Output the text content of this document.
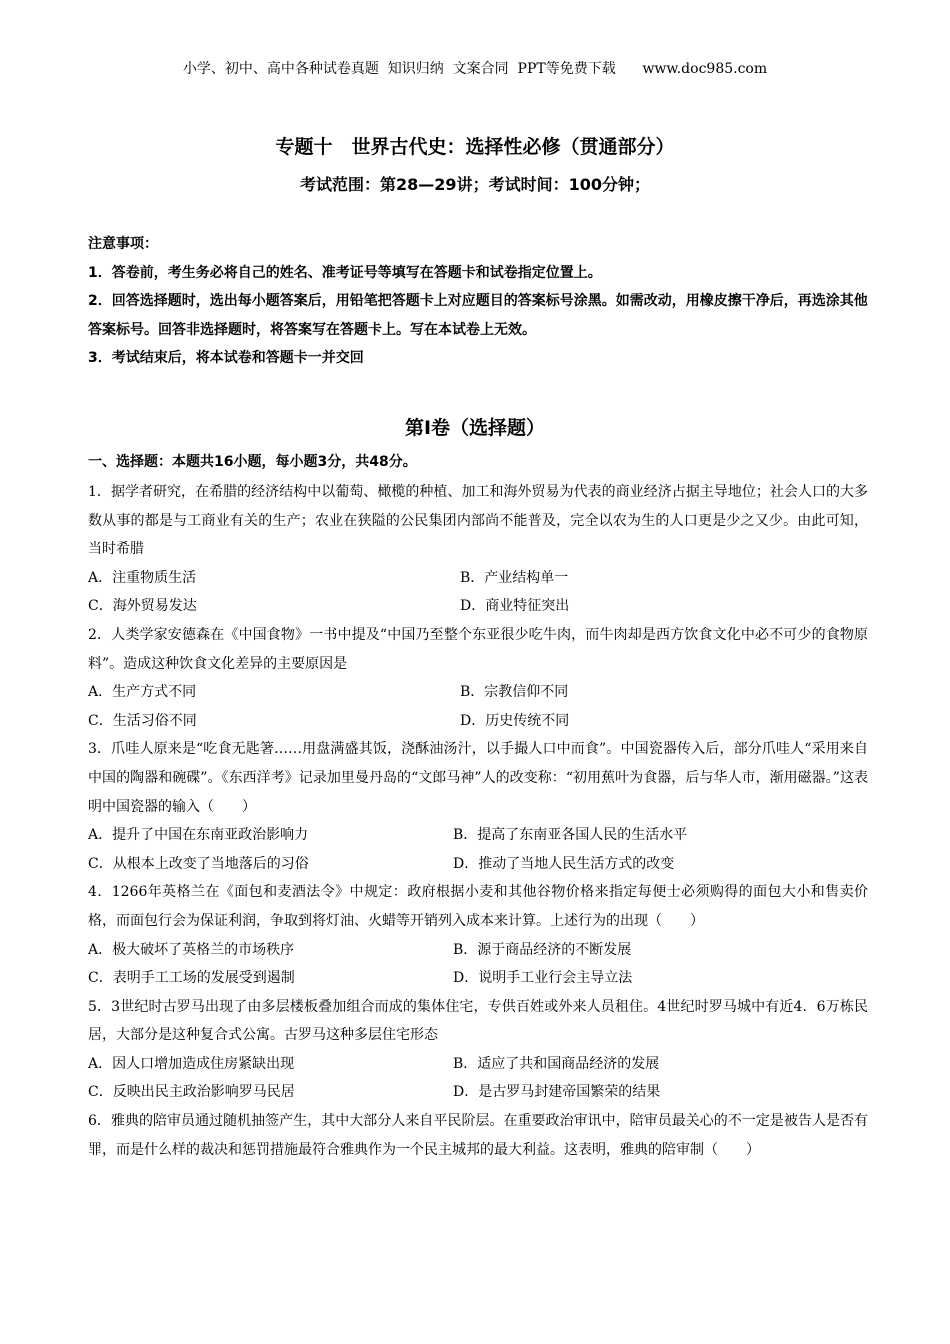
小学、初中、高中各种试卷真题  知识归纳  文案合同  PPT等免费下载      www.doc985.com
专题十　世界古代史：选择性必修（贯通部分）
考试范围：第28—29讲；考试时间：100分钟；
注意事项：
1．答卷前，考生务必将自己的姓名、准考证号等填写在答题卡和试卷指定位置上。
2．回答选择题时，选出每小题答案后，用铅笔把答题卡上对应题目的答案标号涂黑。如需改动，用橡皮擦干净后，再选涂其他答案标号。回答非选择题时，将答案写在答题卡上。写在本试卷上无效。
3．考试结束后，将本试卷和答题卡一并交回
第I卷（选择题）
一、选择题：本题共16小题，每小题3分，共48分。
1．据学者研究，在希腊的经济结构中以葡萄、橄榄的种植、加工和海外贸易为代表的商业经济占据主导地位；社会人口的大多数从事的都是与工商业有关的生产；农业在狭隘的公民集团内部尚不能普及，完全以农为生的人口更是少之又少。由此可知，当时希腊
A．注重物质生活	B．产业结构单一
C．海外贸易发达	D．商业特征突出
2．人类学家安德森在《中国食物》一书中提及“中国乃至整个东亚很少吃牛肉，而牛肉却是西方饮食文化中必不可少的食物原料”。造成这种饮食文化差异的主要原因是
A．生产方式不同	B．宗教信仰不同
C．生活习俗不同	D．历史传统不同
3．爪哇人原来是“吃食无匙箸……用盘满盛其饭，浇酥油汤汁，以手撮人口中而食”。中国瓷器传入后，部分爪哇人“采用来自中国的陶器和碗碟”。《东西洋考》记录加里曼丹岛的“文郎马神”人的改变称：“初用蕉叶为食器，后与华人市，渐用磁器。”这表明中国瓷器的输入（　　）
A．提升了中国在东南亚政治影响力	B．提高了东南亚各国人民的生活水平
C．从根本上改变了当地落后的习俗	D．推动了当地人民生活方式的改变
4．1266年英格兰在《面包和麦酒法令》中规定：政府根据小麦和其他谷物价格来指定每便士必须购得的面包大小和售卖价格，而面包行会为保证利润，争取到将灯油、火蜡等开销列入成本来计算。上述行为的出现（　　）
A．极大破坏了英格兰的市场秩序	B．源于商品经济的不断发展
C．表明手工工场的发展受到遏制	D．说明手工业行会主导立法
5．3世纪时古罗马出现了由多层楼板叠加组合而成的集体住宅，专供百姓或外来人员租住。4世纪时罗马城中有近4．6万栋民居，大部分是这种复合式公寓。古罗马这种多层住宅形态
A．因人口增加造成住房紧缺出现	B．适应了共和国商品经济的发展
C．反映出民主政治影响罗马民居	D．是古罗马封建帝国繁荣的结果
6．雅典的陪审员通过随机抽签产生，其中大部分人来自平民阶层。在重要政治审讯中，陪审员最关心的不一定是被告人是否有罪，而是什么样的裁决和惩罚措施最符合雅典作为一个民主城邦的最大利益。这表明，雅典的陪审制（　　）
